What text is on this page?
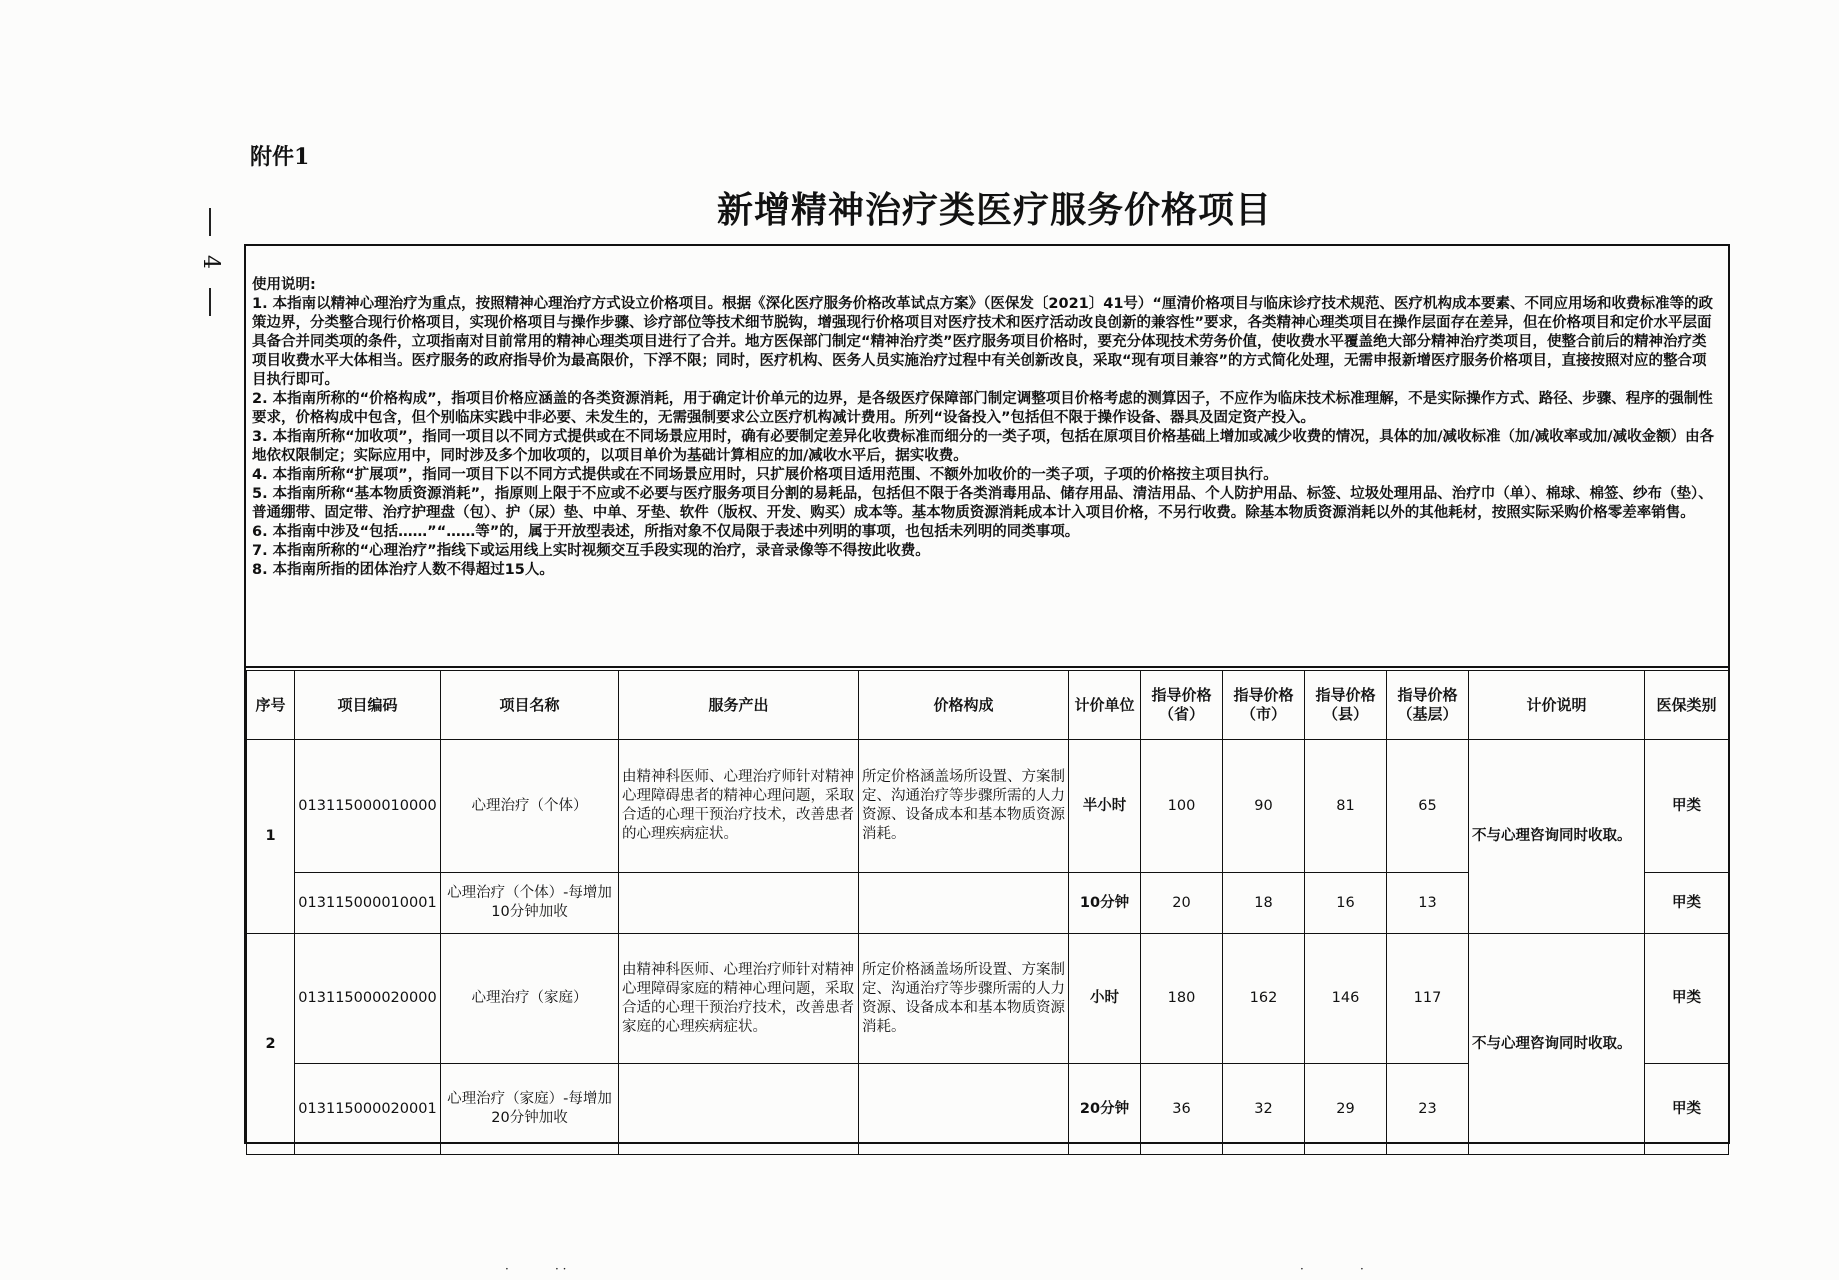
附件1
4
新增精神治疗类医疗服务价格项目

使用说明:

1. 本指南以精神心理治疗为重点，按照精神心理治疗方式设立价格项目。根据《深化医疗服务价格改革试点方案》（医保发〔2021〕41号）“厘清价格项目与临床诊疗技术规范、医疗机构成本要素、不同应用场和收费标准等的政策边界，分类整合现行价格项目，实现价格项目与操作步骤、诊疗部位等技术细节脱钩，增强现行价格项目对医疗技术和医疗活动改良创新的兼容性”要求，各类精神心理类项目在操作层面存在差异，但在价格项目和定价水平层面具备合并同类项的条件，立项指南对目前常用的精神心理类项目进行了合并。地方医保部门制定“精神治疗类”医疗服务项目价格时，要充分体现技术劳务价值，使收费水平覆盖绝大部分精神治疗类项目，使整合前后的精神治疗类项目收费水平大体相当。医疗服务的政府指导价为最高限价，下浮不限；同时，医疗机构、医务人员实施治疗过程中有关创新改良，采取“现有项目兼容”的方式简化处理，无需申报新增医疗服务价格项目，直接按照对应的整合项目执行即可。

2. 本指南所称的“价格构成”，指项目价格应涵盖的各类资源消耗，用于确定计价单元的边界，是各级医疗保障部门制定调整项目价格考虑的测算因子，不应作为临床技术标准理解，不是实际操作方式、路径、步骤、程序的强制性要求，价格构成中包含，但个别临床实践中非必要、未发生的，无需强制要求公立医疗机构减计费用。所列“设备投入”包括但不限于操作设备、器具及固定资产投入。

3. 本指南所称“加收项”，指同一项目以不同方式提供或在不同场景应用时，确有必要制定差异化收费标准而细分的一类子项，包括在原项目价格基础上增加或减少收费的情况，具体的加/减收标准（加/减收率或加/减收金额）由各地依权限制定；实际应用中，同时涉及多个加收项的，以项目单价为基础计算相应的加/减收水平后，据实收费。

4. 本指南所称“扩展项”，指同一项目下以不同方式提供或在不同场景应用时，只扩展价格项目适用范围、不额外加收价的一类子项，子项的价格按主项目执行。

5. 本指南所称“基本物质资源消耗”，指原则上限于不应或不必要与医疗服务项目分割的易耗品，包括但不限于各类消毒用品、储存用品、清洁用品、个人防护用品、标签、垃圾处理用品、治疗巾（单）、棉球、棉签、纱布（垫）、普通绷带、固定带、治疗护理盘（包）、护（尿）垫、中单、牙垫、软件（版权、开发、购买）成本等。基本物质资源消耗成本计入项目价格，不另行收费。除基本物质资源消耗以外的其他耗材，按照实际采购价格零差率销售。

6. 本指南中涉及“包括……”“……等”的，属于开放型表述，所指对象不仅局限于表述中列明的事项，也包括未列明的同类事项。

7. 本指南所称的“心理治疗”指线下或运用线上实时视频交互手段实现的治疗，录音录像等不得按此收费。

8. 本指南所指的团体治疗人数不得超过15人。

序号	项目编码	项目名称	服务产出	价格构成	计价单位	指导价格（省）	指导价格（市）	指导价格（县）	指导价格（基层）	计价说明	医保类别
1	013115000010000	心理治疗（个体）	由精神科医师、心理治疗师针对精神心理障碍患者的精神心理问题，采取合适的心理干预治疗技术，改善患者的心理疾病症状。	所定价格涵盖场所设置、方案制定、沟通治疗等步骤所需的人力资源、设备成本和基本物质资源消耗。	半小时	100	90	81	65	不与心理咨询同时收取。	甲类
	013115000010001	心理治疗（个体）-每增加10分钟加收			10分钟	20	18	16	13		甲类
2	013115000020000	心理治疗（家庭）	由精神科医师、心理治疗师针对精神心理障碍家庭的精神心理问题，采取合适的心理干预治疗技术，改善患者家庭的心理疾病症状。	所定价格涵盖场所设置、方案制定、沟通治疗等步骤所需的人力资源、设备成本和基本物质资源消耗。	小时	180	162	146	117	不与心理咨询同时收取。	甲类
	013115000020001	心理治疗（家庭）-每增加20分钟加收			20分钟	36	32	29	23		甲类
·	· ·	·	·
